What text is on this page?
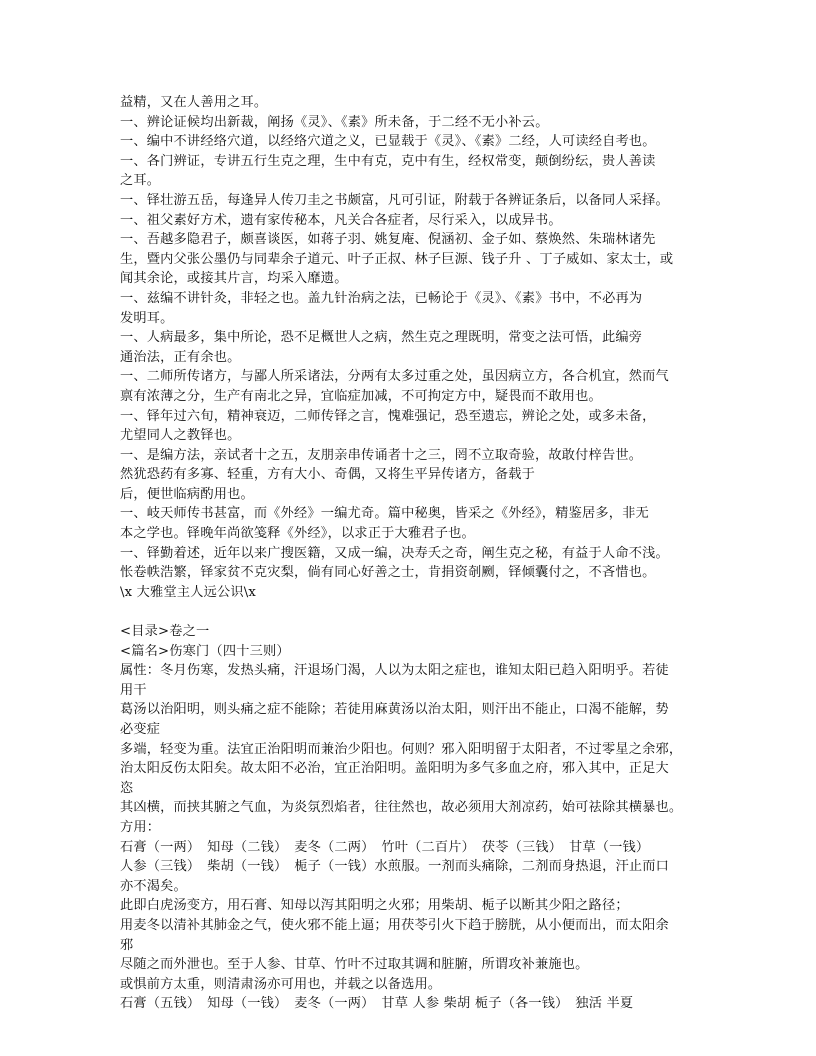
益精，又在人善用之耳。
一、辨论证候均出新裁，阐扬《灵》、《素》所未备，于二经不无小补云。
一、编中不讲经络穴道，以经络穴道之义，已显载于《灵》、《素》二经，人可读经自考也。
一、各门辨证，专讲五行生克之理，生中有克，克中有生，经权常变，颠倒纷纭，贵人善读
之耳。
一、铎壮游五岳，每逢异人传刀圭之书颇富，凡可引证，附载于各辨证条后，以备同人采择。
一、祖父素好方术，遗有家传秘本，凡关合各症者，尽行采入，以成异书。
一、吾越多隐君子，颇喜谈医，如蒋子羽、姚复庵、倪涵初、金子如、蔡焕然、朱瑞林诸先
生，暨内父张公墨仍与同辈余子道元、叶子正叔、林子巨源、钱子升 、丁子威如、家太士，或
闻其余论，或接其片言，均采入靡遗。
一、兹编不讲针灸，非轻之也。盖九针治病之法，已畅论于《灵》、《素》书中，不必再为
发明耳。
一、人病最多，集中所论，恐不足概世人之病，然生克之理既明，常变之法可悟，此编旁
通治法，正有余也。
一、二师所传诸方，与鄙人所采诸法，分两有太多过重之处，虽因病立方，各合机宜，然而气
禀有浓薄之分，生产有南北之异，宜临症加减，不可拘定方中，疑畏而不敢用也。
一、铎年过六旬，精神衰迈，二师传铎之言，愧难强记，恐至遗忘，辨论之处，或多未备，
尤望同人之教铎也。
一、是编方法，亲试者十之五，友朋亲串传诵者十之三，罔不立取奇验，故敢付梓告世。
然犹恐药有多寡、轻重，方有大小、奇偶，又将生平异传诸方，备载于
后，便世临病酌用也。
一、岐天师传书甚富，而《外经》一编尤奇。篇中秘奥，皆采之《外经》，精鉴居多，非无
本之学也。铎晚年尚欲笺释《外经》，以求正于大雅君子也。
一、铎勤着述，近年以来广搜医籍，又成一编，决寿夭之奇，阐生克之秘，有益于人命不浅。
怅卷帙浩繁，铎家贫不克灾梨，倘有同心好善之士，肯捐资剞劂，铎倾囊付之，不吝惜也。
\x 大雅堂主人远公识\x
<目录>卷之一
<篇名>伤寒门（四十三则）
属性：冬月伤寒，发热头痛，汗退场门渴，人以为太阳之症也，谁知太阳已趋入阳明乎。若徒
用干
葛汤以治阳明，则头痛之症不能除；若徒用麻黄汤以治太阳，则汗出不能止，口渴不能解，势
必变症
多端，轻变为重。法宜正治阳明而兼治少阳也。何则？邪入阳明留于太阳者，不过零星之余邪，
治太阳反伤太阳矣。故太阳不必治，宜正治阳明。盖阳明为多气多血之府，邪入其中，正足大
恣
其凶横，而挟其腑之气血，为炎氛烈焰者，往往然也，故必须用大剂凉药，始可祛除其横暴也。
方用：
石膏（一两）　知母（二钱）　麦冬（二两）　竹叶（二百片）　茯苓（三钱）　甘草（一钱）
人参（三钱）　柴胡（一钱）　栀子（一钱）水煎服。一剂而头痛除，二剂而身热退，汗止而口
亦不渴矣。
此即白虎汤变方，用石膏、知母以泻其阳明之火邪；用柴胡、栀子以断其少阳之路径；
用麦冬以清补其肺金之气，使火邪不能上逼；用茯苓引火下趋于膀胱，从小便而出，而太阳余
邪
尽随之而外泄也。至于人参、甘草、竹叶不过取其调和脏腑，所谓攻补兼施也。
或惧前方太重，则清肃汤亦可用也，并载之以备选用。
石膏（五钱）　知母（一钱）　麦冬（一两）　甘草 人参 柴胡 栀子（各一钱）　独活 半夏
